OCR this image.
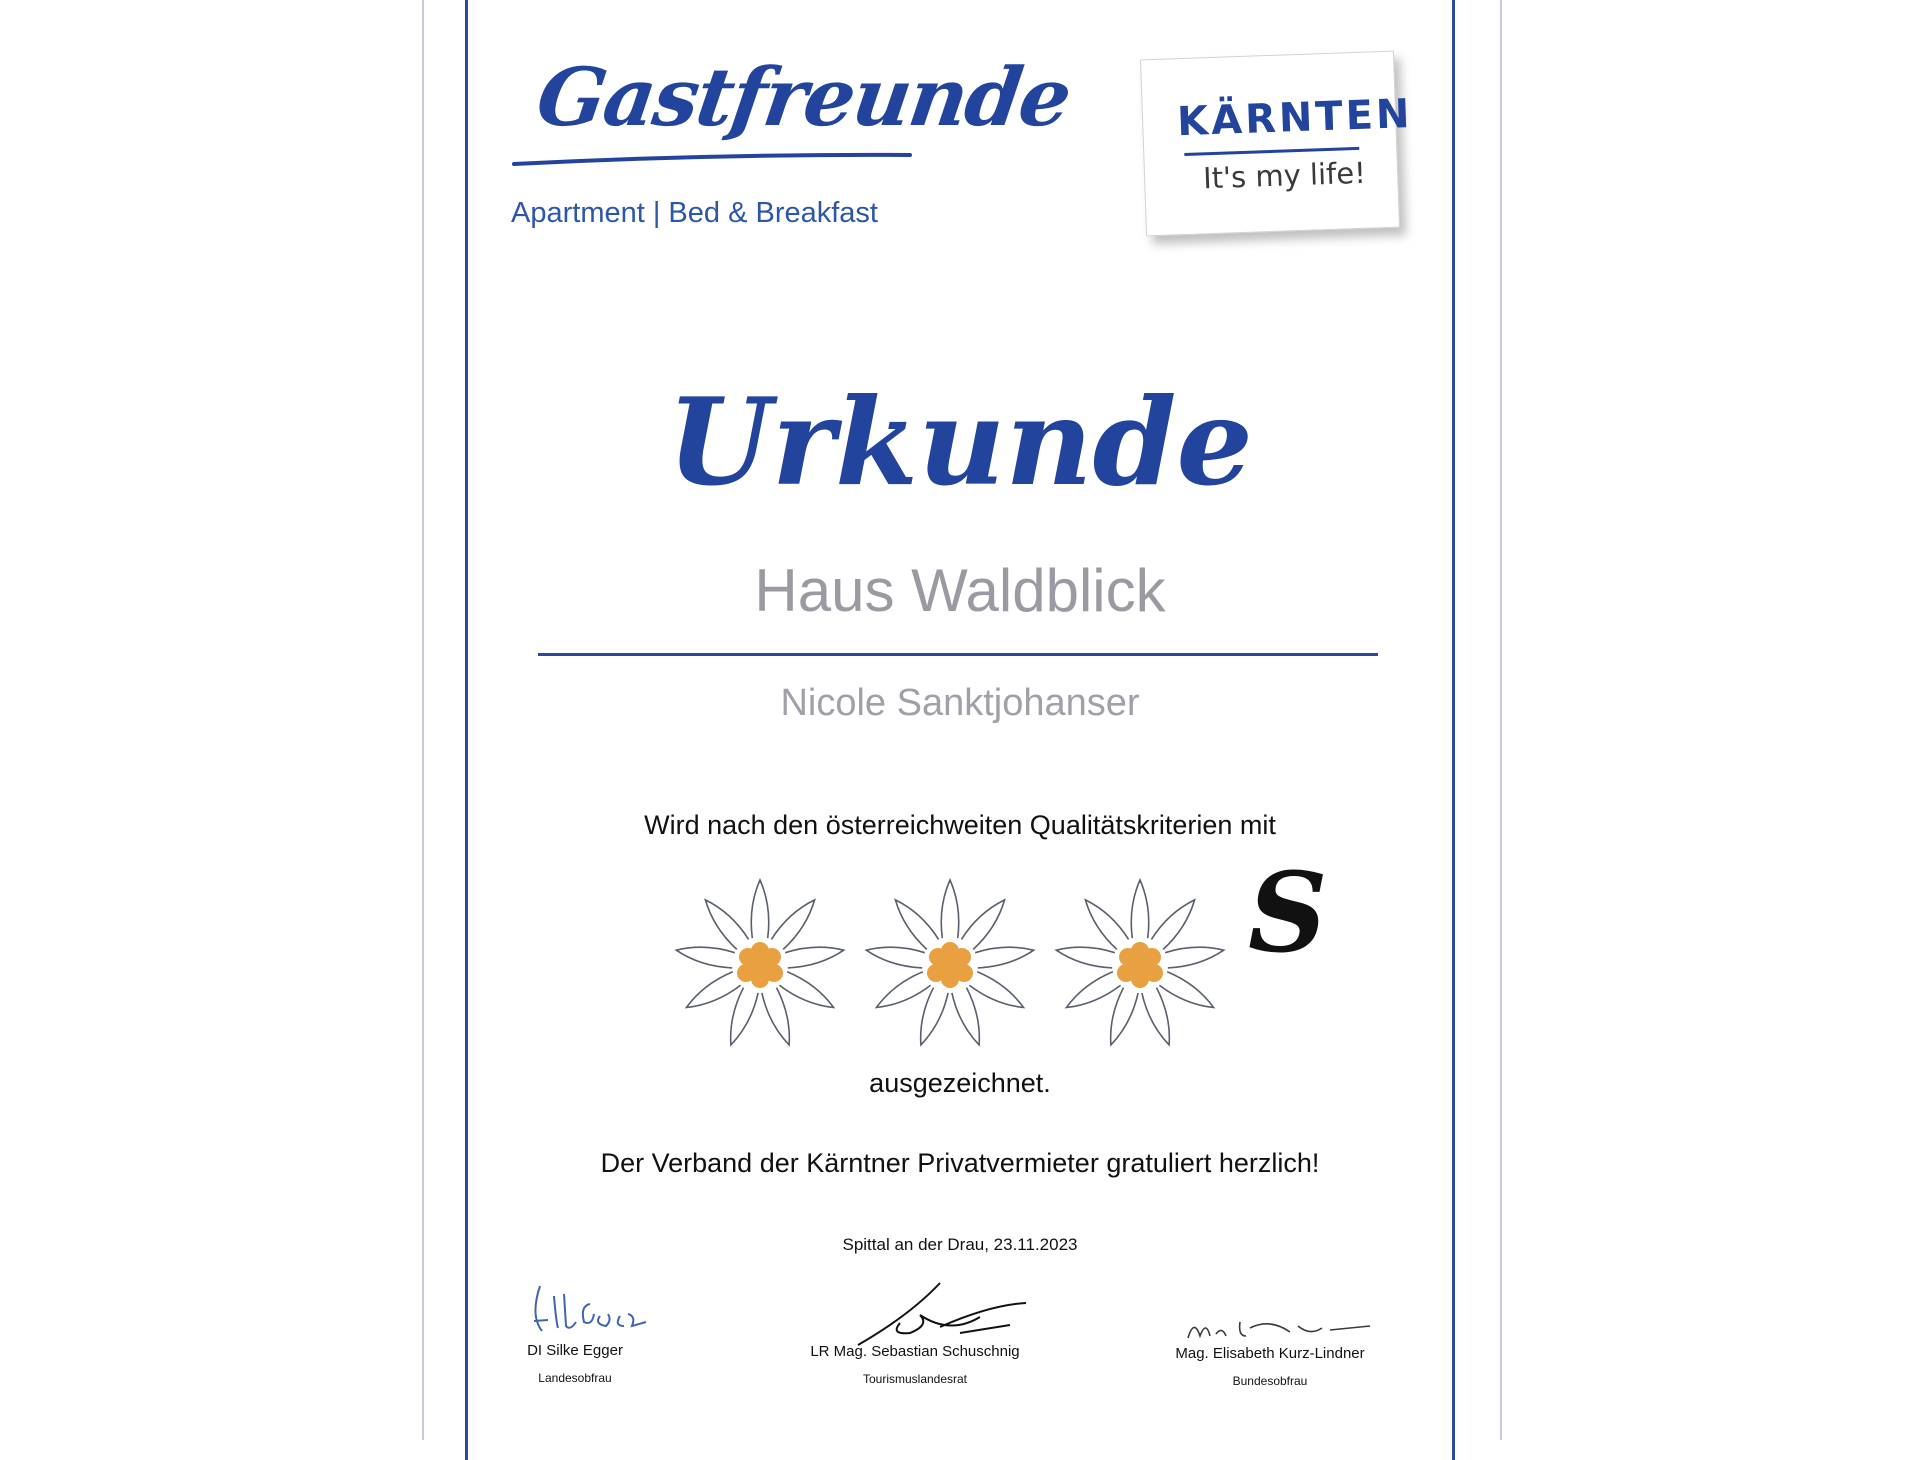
Gastfreunde
Apartment | Bed & Breakfast
KÄRNTEN
It's my life!
Urkunde
Haus Waldblick
Nicole Sanktjohanser
Wird nach den österreichweiten Qualitätskriterien mit
S
ausgezeichnet.
Der Verband der Kärntner Privatvermieter gratuliert herzlich!
Spittal an der Drau, 23.11.2023
DI Silke Egger
Landesobfrau
LR Mag. Sebastian Schuschnig
Tourismuslandesrat
Mag. Elisabeth Kurz-Lindner
Bundesobfrau
